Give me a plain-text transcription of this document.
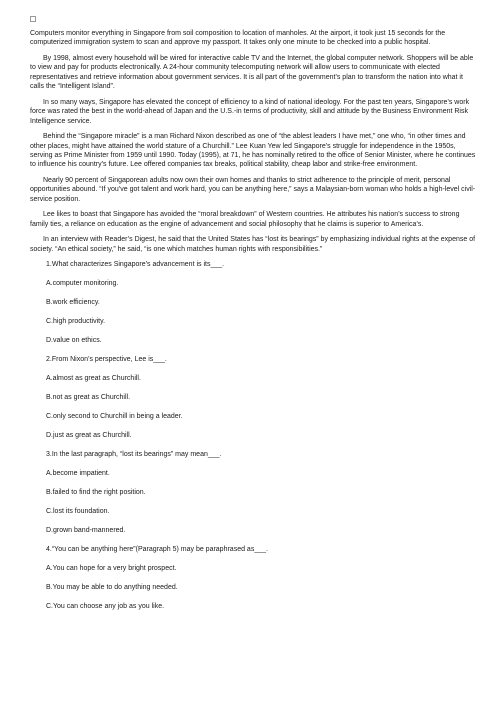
Computers monitor everything in Singapore from soil composition to location of manholes. At the airport, it took just 15 seconds for the computerized immigration system to scan and approve my passport. It takes only one minute to be checked into a public hospital.

By 1998, almost every household will be wired for interactive cable TV and the Internet, the global computer network. Shoppers will be able to view and pay for products electronically. A 24-hour community telecomputing network will allow users to communicate with elected representatives and retrieve information about government services. It is all part of the government’s plan to transform the nation into what it calls the “Intelligent Island”.

In so many ways, Singapore has elevated the concept of efficiency to a kind of national ideology. For the past ten years, Singapore’s work force was rated the best in the world-ahead of Japan and the U.S.-in terms of productivity, skill and attitude by the Business Environment Risk Intelligence service.

Behind the “Singapore miracle” is a man Richard Nixon described as one of “the ablest leaders I have met,” one who, “in other times and other places, might have attained the world stature of a Churchill.” Lee Kuan Yew led Singapore’s struggle for independence in the 1950s, serving as Prime Minister from 1959 until 1990. Today (1995), at 71, he has nominally retired to the office of Senior Minister, where he continues to influence his country’s future. Lee offered companies tax breaks, political stability, cheap labor and strike-free environment.

Nearly 90 percent of Singaporean adults now own their own homes and thanks to strict adherence to the principle of merit, personal opportunities abound. “If you’ve got talent and work hard, you can be anything here,” says a Malaysian-born woman who holds a high-level civil-service position.

Lee likes to boast that Singapore has avoided the “moral breakdown” of Western countries. He attributes his nation’s success to strong family ties, a reliance on education as the engine of advancement and social philosophy that he claims is superior to America’s.

In an interview with Reader’s Digest, he said that the United States has “lost its bearings” by emphasizing individual rights at the expense of society. “An ethical society,” he said, “is one which matches human rights with responsibilities.”

1.What characterizes Singapore’s advancement is its___.
A.computer monitoring.
B.work efficiency.
C.high productivity.
D.value on ethics.
2.From Nixon’s perspective, Lee is___.
A.almost as great as Churchill.
B.not as great as Churchill.
C.only second to Churchill in being a leader.
D.just as great as Churchill.
3.In the last paragraph, “lost its bearings” may mean___.
A.become impatient.
B.failed to find the right position.
C.lost its foundation.
D.grown band-mannered.
4.“You can be anything here”(Paragraph 5) may be paraphrased as___.
A.You can hope for a very bright prospect.
B.You may be able to do anything needed.
C.You can choose any job as you like.
